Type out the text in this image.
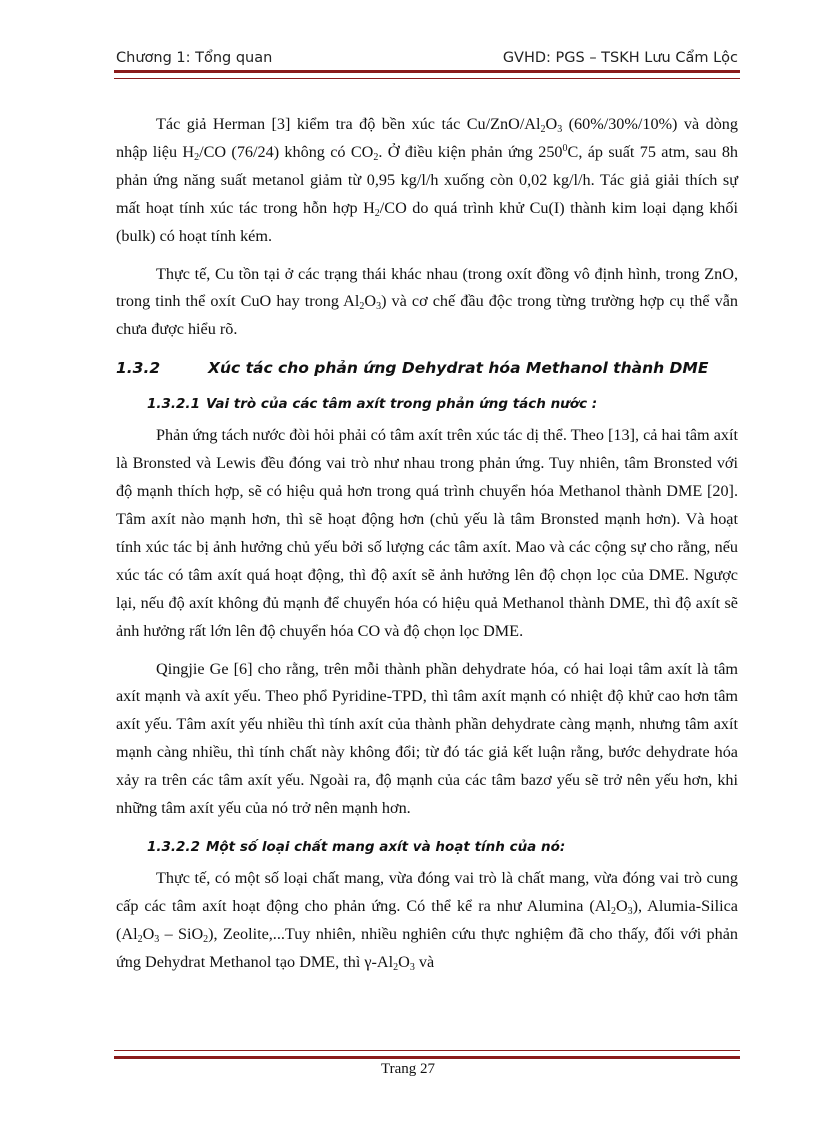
Chương 1: Tổng quan	GVHD: PGS – TSKH Lưu Cẩm Lộc

Tác giả Herman [3] kiểm tra độ bền xúc tác $Cu/ZnO/Al_2O_3$ (60%/30%/10%) và dòng nhập liệu $H_2/CO$ (76/24) không có $CO_2$. Ở điều kiện phản ứng $250^0C$, áp suất 75 atm, sau 8h phản ứng năng suất metanol giảm từ 0,95 kg/l/h xuống còn 0,02 kg/l/h. Tác giả giải thích sự mất hoạt tính xúc tác trong hỗn hợp $H_2/CO$ do quá trình khử Cu(I) thành kim loại dạng khối (bulk) có hoạt tính kém.

Thực tế, Cu tồn tại ở các trạng thái khác nhau (trong oxít đồng vô định hình, trong ZnO, trong tinh thể oxít CuO hay trong $Al_2O_3$) và cơ chế đầu độc trong từng trường hợp cụ thể vẫn chưa được hiểu rõ.

1.3.2	Xúc tác cho phản ứng Dehydrat hóa Methanol thành DME
1.3.2.1 Vai trò của các tâm axít trong phản ứng tách nước :

Phản ứng tách nước đòi hỏi phải có tâm axít trên xúc tác dị thể. Theo [13], cả hai tâm axít là Bronsted và Lewis đều đóng vai trò như nhau trong phản ứng. Tuy nhiên, tâm Bronsted với độ mạnh thích hợp, sẽ có hiệu quả hơn trong quá trình chuyển hóa Methanol thành DME [20]. Tâm axít nào mạnh hơn, thì sẽ hoạt động hơn (chủ yếu là tâm Bronsted mạnh hơn). Và hoạt tính xúc tác bị ảnh hưởng chủ yếu bởi số lượng các tâm axít. Mao và các cộng sự cho rằng, nếu xúc tác có tâm axít quá hoạt động, thì độ axít sẽ ảnh hưởng lên độ chọn lọc của DME. Ngược lại, nếu độ axít không đủ mạnh để chuyển hóa có hiệu quả Methanol thành DME, thì độ axít sẽ ảnh hưởng rất lớn lên độ chuyển hóa CO và độ chọn lọc DME.

Qingjie Ge [6] cho rằng, trên mỗi thành phần dehydrate hóa, có hai loại tâm axít là tâm axít mạnh và axít yếu. Theo phổ Pyridine-TPD, thì tâm axít mạnh có nhiệt độ khử cao hơn tâm axít yếu. Tâm axít yếu nhiều thì tính axít của thành phần dehydrate càng mạnh, nhưng tâm axít mạnh càng nhiều, thì tính chất này không đổi; từ đó tác giả kết luận rằng, bước dehydrate hóa xảy ra trên các tâm axít yếu. Ngoài ra, độ mạnh của các tâm bazơ yếu sẽ trở nên yếu hơn, khi những tâm axít yếu của nó trở nên mạnh hơn.

1.3.2.2 Một số loại chất mang axít và hoạt tính của nó:

Thực tế, có một số loại chất mang, vừa đóng vai trò là chất mang, vừa đóng vai trò cung cấp các tâm axít hoạt động cho phản ứng. Có thể kể ra như Alumina $(Al_2O_3)$, Alumia-Silica $(Al_2O_3 - SiO_2)$, Zeolite,...Tuy nhiên, nhiều nghiên cứu thực nghiệm đã cho thấy, đối với phản ứng Dehydrat Methanol tạo DME, thì $\gamma-Al_2O_3$ và

Trang 27
